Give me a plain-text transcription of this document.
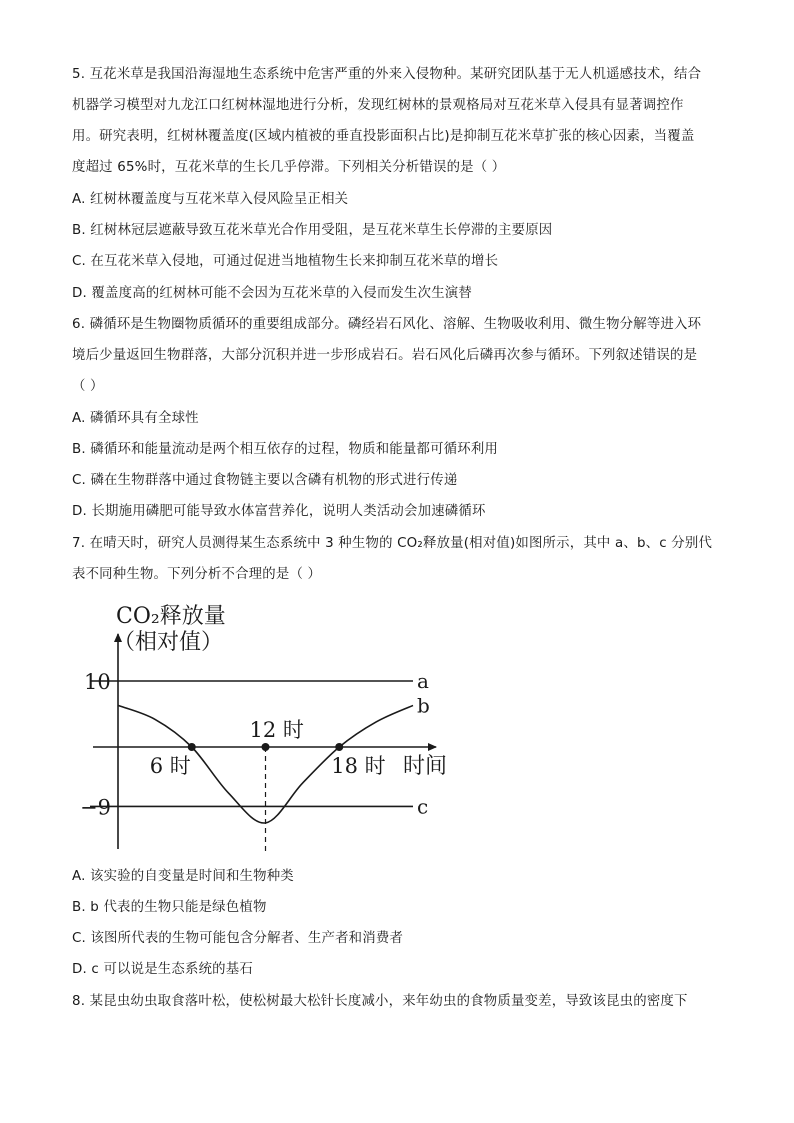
5. 互花米草是我国沿海湿地生态系统中危害严重的外来入侵物种。某研究团队基于无人机遥感技术，结合
机器学习模型对九龙江口红树林湿地进行分析，发现红树林的景观格局对互花米草入侵具有显著调控作
用。研究表明，红树林覆盖度(区域内植被的垂直投影面积占比)是抑制互花米草扩张的核心因素，当覆盖
度超过 65%时，互花米草的生长几乎停滞。下列相关分析错误的是（ ）
A. 红树林覆盖度与互花米草入侵风险呈正相关
B. 红树林冠层遮蔽导致互花米草光合作用受阻，是互花米草生长停滞的主要原因
C. 在互花米草入侵地，可通过促进当地植物生长来抑制互花米草的增长
D. 覆盖度高的红树林可能不会因为互花米草的入侵而发生次生演替
6. 磷循环是生物圈物质循环的重要组成部分。磷经岩石风化、溶解、生物吸收利用、微生物分解等进入环
境后少量返回生物群落，大部分沉积并进一步形成岩石。岩石风化后磷再次参与循环。下列叙述错误的是
（ ）
A. 磷循环具有全球性
B. 磷循环和能量流动是两个相互依存的过程，物质和能量都可循环利用
C. 磷在生物群落中通过食物链主要以含磷有机物的形式进行传递
D. 长期施用磷肥可能导致水体富营养化，说明人类活动会加速磷循环
7. 在晴天时，研究人员测得某生态系统中 3 种生物的 CO₂释放量(相对值)如图所示，其中 a、b、c 分别代
表不同种生物。下列分析不合理的是（ ）
CO₂释放量
（相对值）
a
b
c
10
−9
6 时
12 时
18 时 时间
A. 该实验的自变量是时间和生物种类
B. b 代表的生物只能是绿色植物
C. 该图所代表的生物可能包含分解者、生产者和消费者
D. c 可以说是生态系统的基石
8. 某昆虫幼虫取食落叶松，使松树最大松针长度减小，来年幼虫的食物质量变差，导致该昆虫的密度下
